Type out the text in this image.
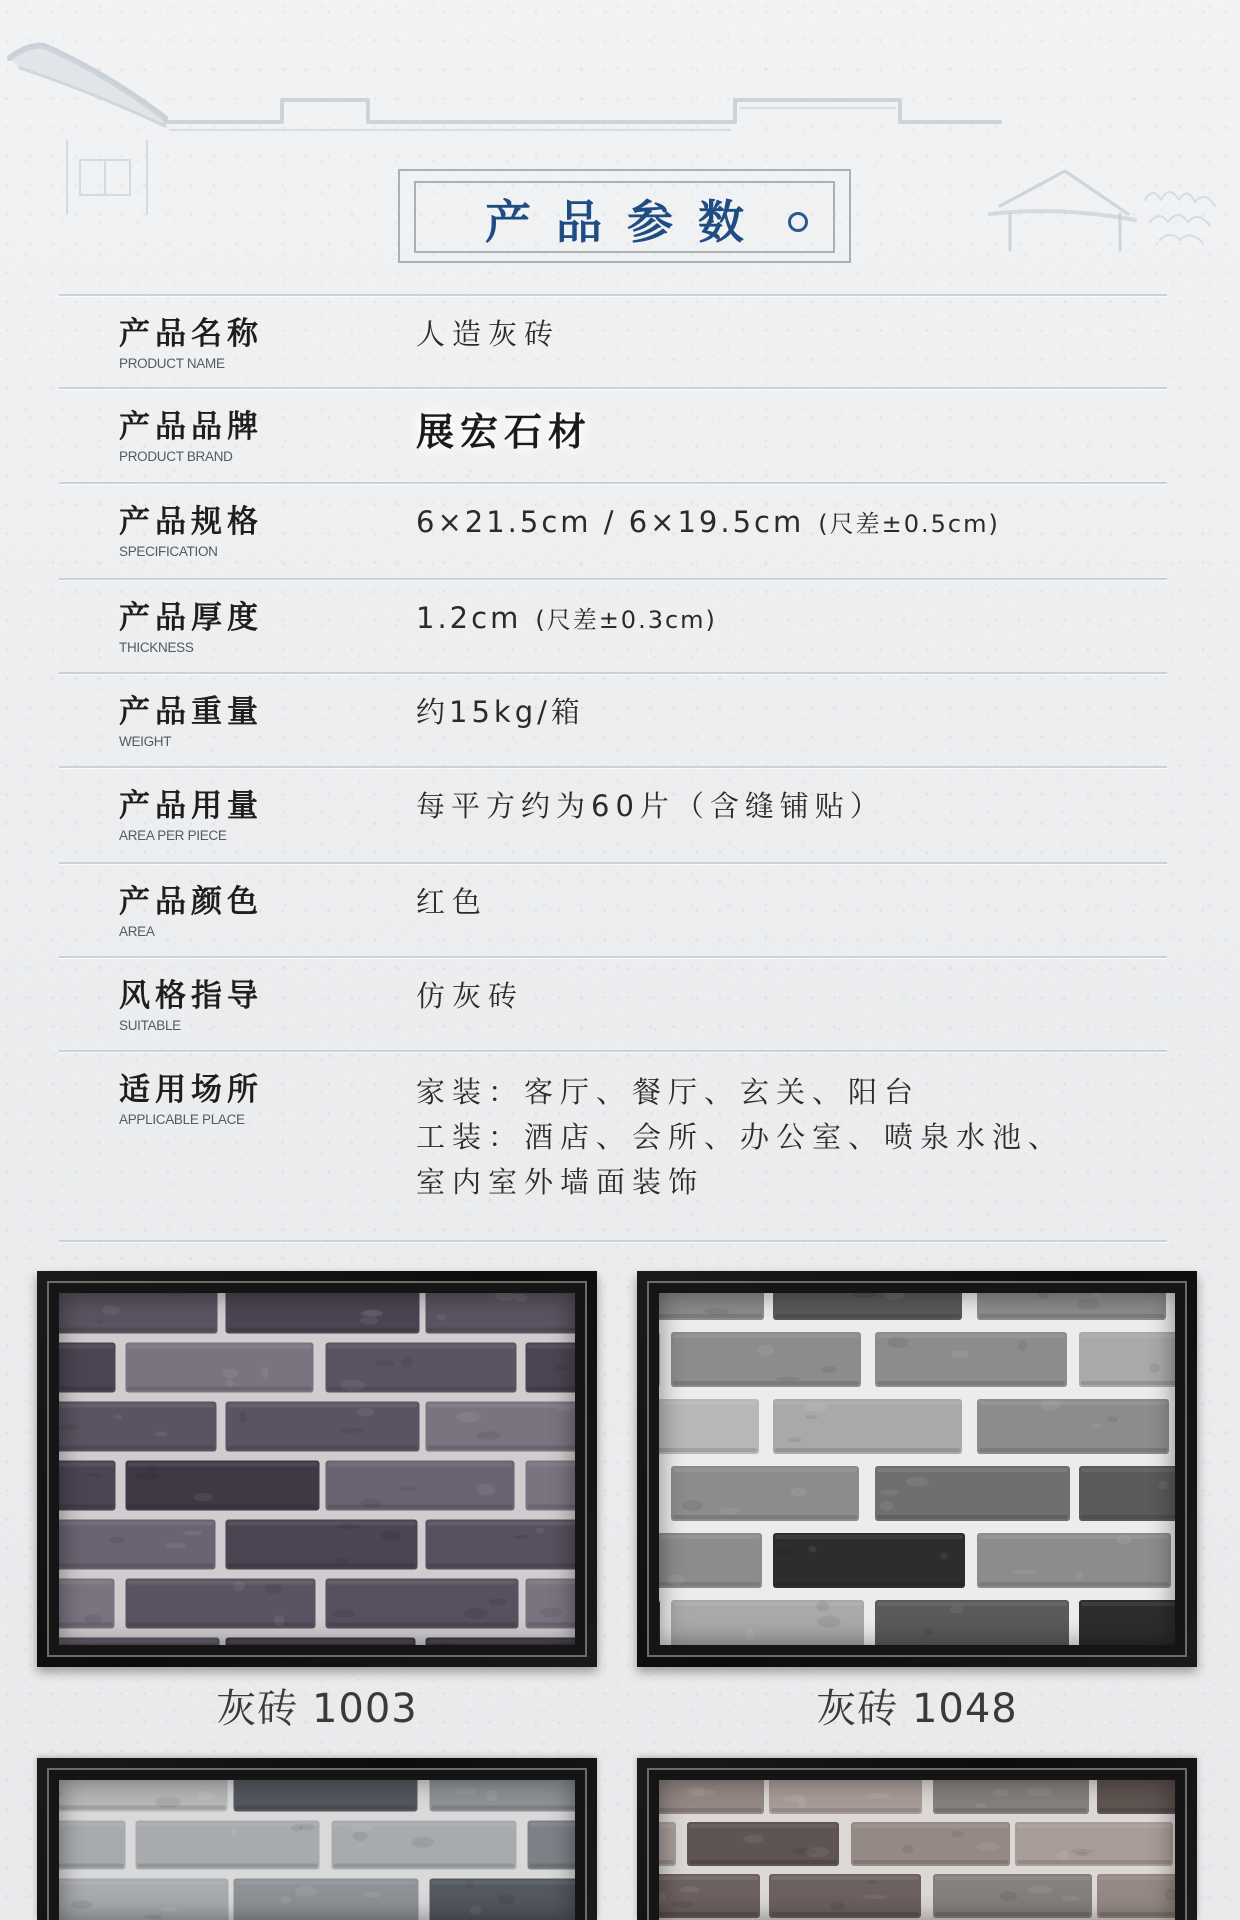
产品参数
产品名称
PRODUCT NAME
人造灰砖
产品品牌
PRODUCT BRAND
展宏石材
产品规格
SPECIFICATION
6×21.5cm / 6×19.5cm (尺差±0.5cm)
产品厚度
THICKNESS
1.2cm (尺差±0.3cm)
产品重量
WEIGHT
约15kg/箱
产品用量
AREA PER PIECE
每平方约为60片（含缝铺贴）
产品颜色
AREA
红色
风格指导
SUITABLE
仿灰砖
适用场所
APPLICABLE PLACE
家装：客厅、餐厅、玄关、阳台
工装：酒店、会所、办公室、喷泉水池、
室内室外墙面装饰
灰砖 1003	灰砖 1048
